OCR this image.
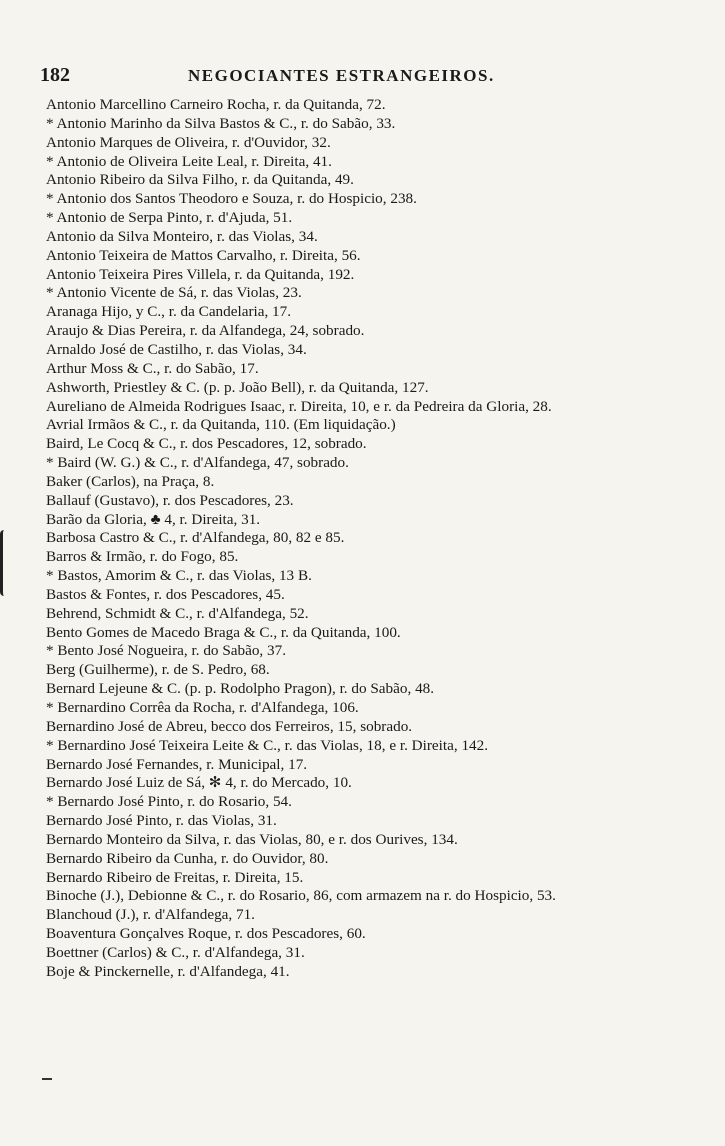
182	NEGOCIANTES ESTRANGEIROS.
Antonio Marcellino Carneiro Rocha, r. da Quitanda, 72.
* Antonio Marinho da Silva Bastos & C., r. do Sabão, 33.
Antonio Marques de Oliveira, r. d'Ouvidor, 32.
* Antonio de Oliveira Leite Leal, r. Direita, 41.
Antonio Ribeiro da Silva Filho, r. da Quitanda, 49.
* Antonio dos Santos Theodoro e Souza, r. do Hospicio, 238.
* Antonio de Serpa Pinto, r. d'Ajuda, 51.
Antonio da Silva Monteiro, r. das Violas, 34.
Antonio Teixeira de Mattos Carvalho, r. Direita, 56.
Antonio Teixeira Pires Villela, r. da Quitanda, 192.
* Antonio Vicente de Sá, r. das Violas, 23.
Aranaga Hijo, y C., r. da Candelaria, 17.
Araujo & Dias Pereira, r. da Alfandega, 24, sobrado.
Arnaldo José de Castilho, r. das Violas, 34.
Arthur Moss & C., r. do Sabão, 17.
Ashworth, Priestley & C. (p. p. João Bell), r. da Quitanda, 127.
Aureliano de Almeida Rodrigues Isaac, r. Direita, 10, e r. da Pedreira da Gloria, 28.
Avrial Irmãos & C., r. da Quitanda, 110. (Em liquidação.)
Baird, Le Cocq & C., r. dos Pescadores, 12, sobrado.
* Baird (W. G.) & C., r. d'Alfandega, 47, sobrado.
Baker (Carlos), na Praça, 8.
Ballauf (Gustavo), r. dos Pescadores, 23.
Barão da Gloria, ♣ 4, r. Direita, 31.
Barbosa Castro & C., r. d'Alfandega, 80, 82 e 85.
Barros & Irmão, r. do Fogo, 85.
* Bastos, Amorim & C., r. das Violas, 13 B.
Bastos & Fontes, r. dos Pescadores, 45.
Behrend, Schmidt & C., r. d'Alfandega, 52.
Bento Gomes de Macedo Braga & C., r. da Quitanda, 100.
* Bento José Nogueira, r. do Sabão, 37.
Berg (Guilherme), r. de S. Pedro, 68.
Bernard Lejeune & C. (p. p. Rodolpho Pragon), r. do Sabão, 48.
* Bernardino Corrêa da Rocha, r. d'Alfandega, 106.
Bernardino José de Abreu, becco dos Ferreiros, 15, sobrado.
* Bernardino José Teixeira Leite & C., r. das Violas, 18, e r. Direita, 142.
Bernardo José Fernandes, r. Municipal, 17.
Bernardo José Luiz de Sá, ✻ 4, r. do Mercado, 10.
* Bernardo José Pinto, r. do Rosario, 54.
Bernardo José Pinto, r. das Violas, 31.
Bernardo Monteiro da Silva, r. das Violas, 80, e r. dos Ourives, 134.
Bernardo Ribeiro da Cunha, r. do Ouvidor, 80.
Bernardo Ribeiro de Freitas, r. Direita, 15.
Binoche (J.), Debionne & C., r. do Rosario, 86, com armazem na r. do Hospicio, 53.
Blanchoud (J.), r. d'Alfandega, 71.
Boaventura Gonçalves Roque, r. dos Pescadores, 60.
Boettner (Carlos) & C., r. d'Alfandega, 31.
Boje & Pinckernelle, r. d'Alfandega, 41.
